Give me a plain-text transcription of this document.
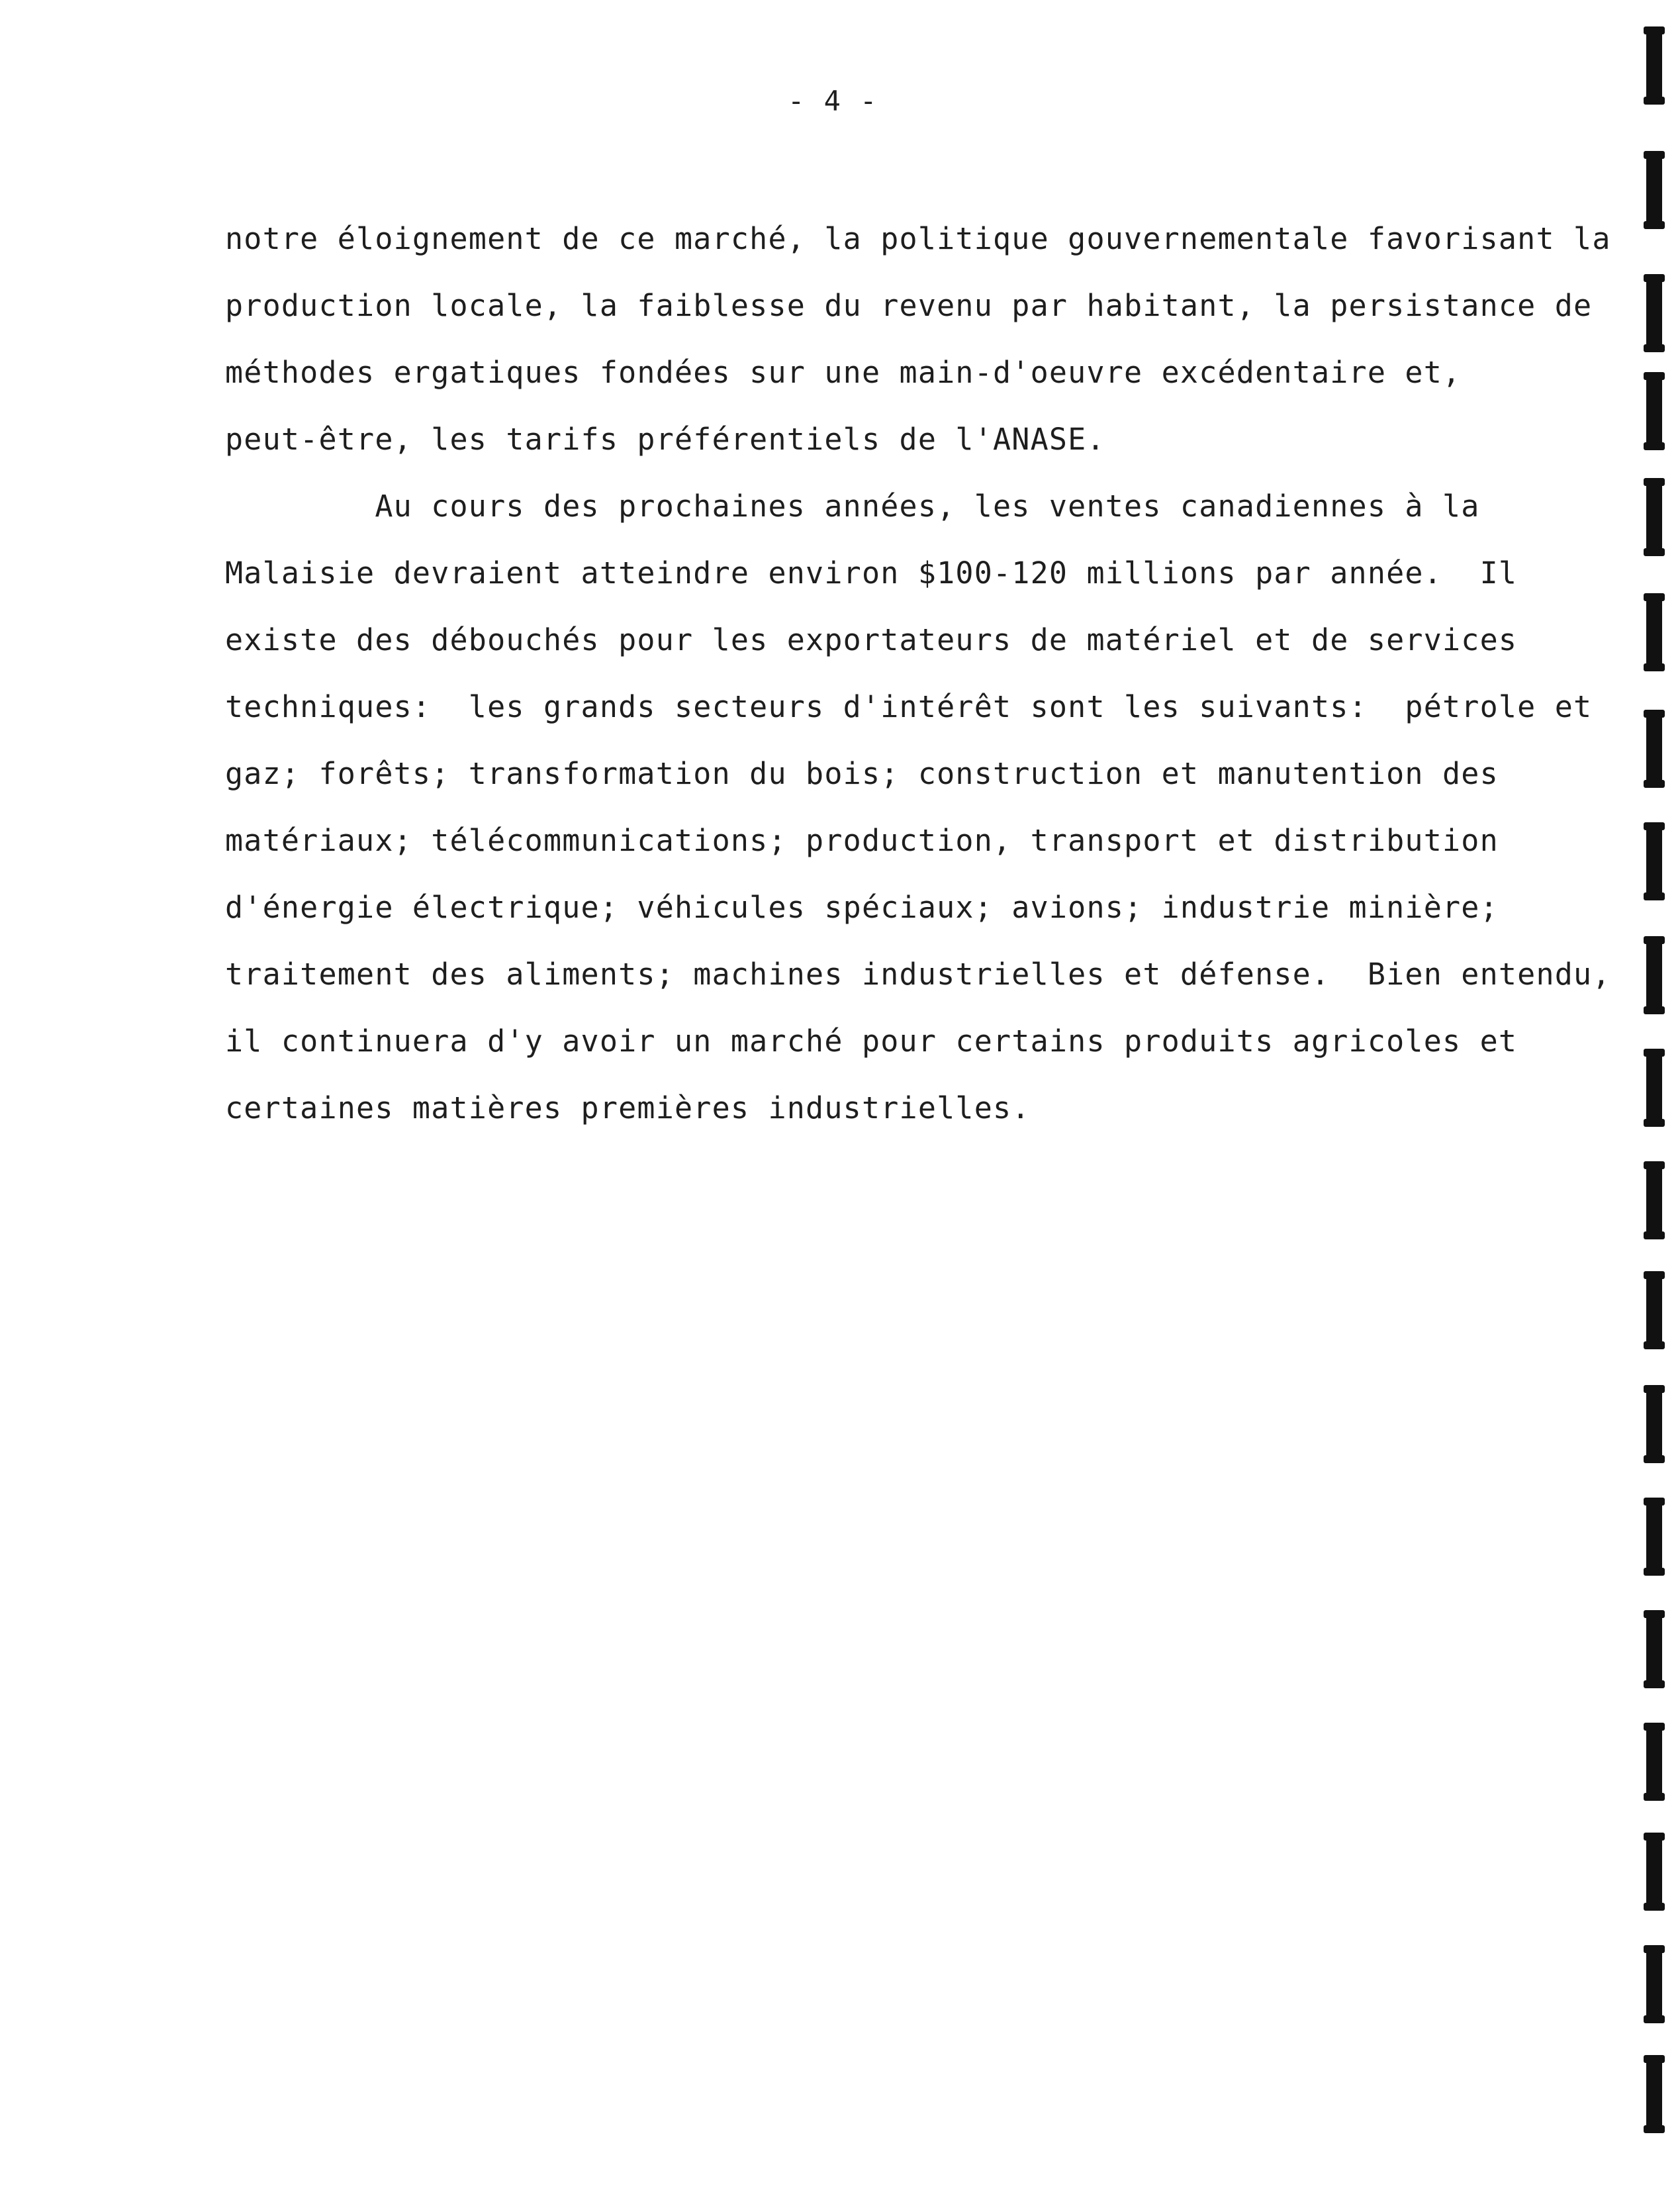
- 4 -
notre éloignement de ce marché, la politique gouvernementale favorisant la
production locale, la faiblesse du revenu par habitant, la persistance de
méthodes ergatiques fondées sur une main-d'oeuvre excédentaire et,
peut-être, les tarifs préférentiels de l'ANASE.
Au cours des prochaines années, les ventes canadiennes à la
Malaisie devraient atteindre environ $100-120 millions par année.  Il
existe des débouchés pour les exportateurs de matériel et de services
techniques:  les grands secteurs d'intérêt sont les suivants:  pétrole et
gaz; forêts; transformation du bois; construction et manutention des
matériaux; télécommunications; production, transport et distribution
d'énergie électrique; véhicules spéciaux; avions; industrie minière;
traitement des aliments; machines industrielles et défense.  Bien entendu,
il continuera d'y avoir un marché pour certains produits agricoles et
certaines matières premières industrielles.
